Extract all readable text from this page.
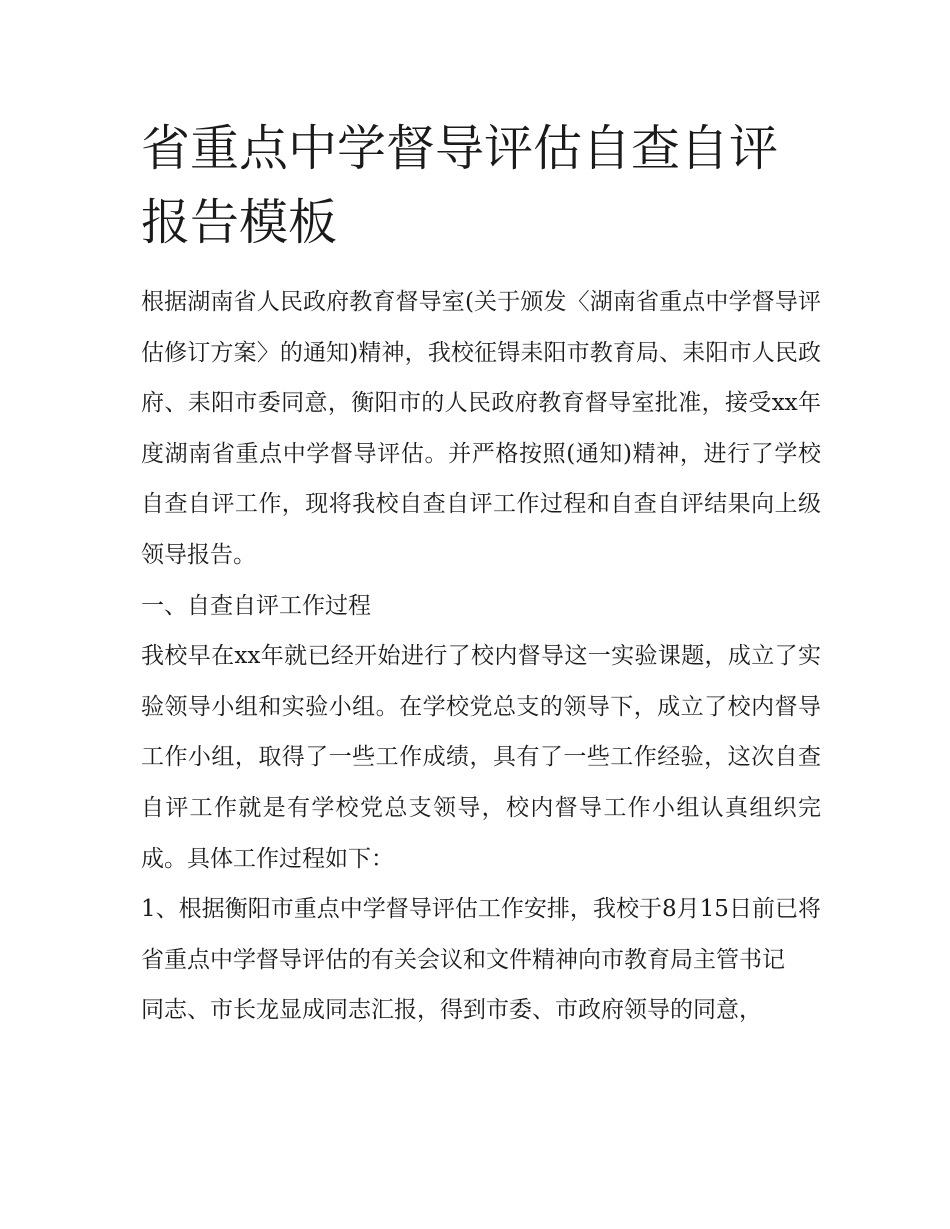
省重点中学督导评估自查自评报告模板

根据湖南省人民政府教育督导室(关于颁发〈湖南省重点中学督导评估修订方案〉的通知)精神，我校征锝耒阳市教育局、耒阳市人民政府、耒阳市委同意，衡阳市的人民政府教育督导室批准，接受xx年度湖南省重点中学督导评估。并严格按照(通知)精神，进行了学校自查自评工作，现将我校自查自评工作过程和自查自评结果向上级领导报告。

一、自查自评工作过程

我校早在xx年就已经开始进行了校内督导这一实验课题，成立了实验领导小组和实验小组。在学校党总支的领导下，成立了校内督导工作小组，取得了一些工作成绩，具有了一些工作经验，这次自查自评工作就是有学校党总支领导，校内督导工作小组认真组织完成。具体工作过程如下：

1、根据衡阳市重点中学督导评估工作安排，我校于8月15日前已将省重点中学督导评估的有关会议和文件精神向市教育局主管书记

同志、市长龙显成同志汇报，得到市委、市政府领导的同意，
